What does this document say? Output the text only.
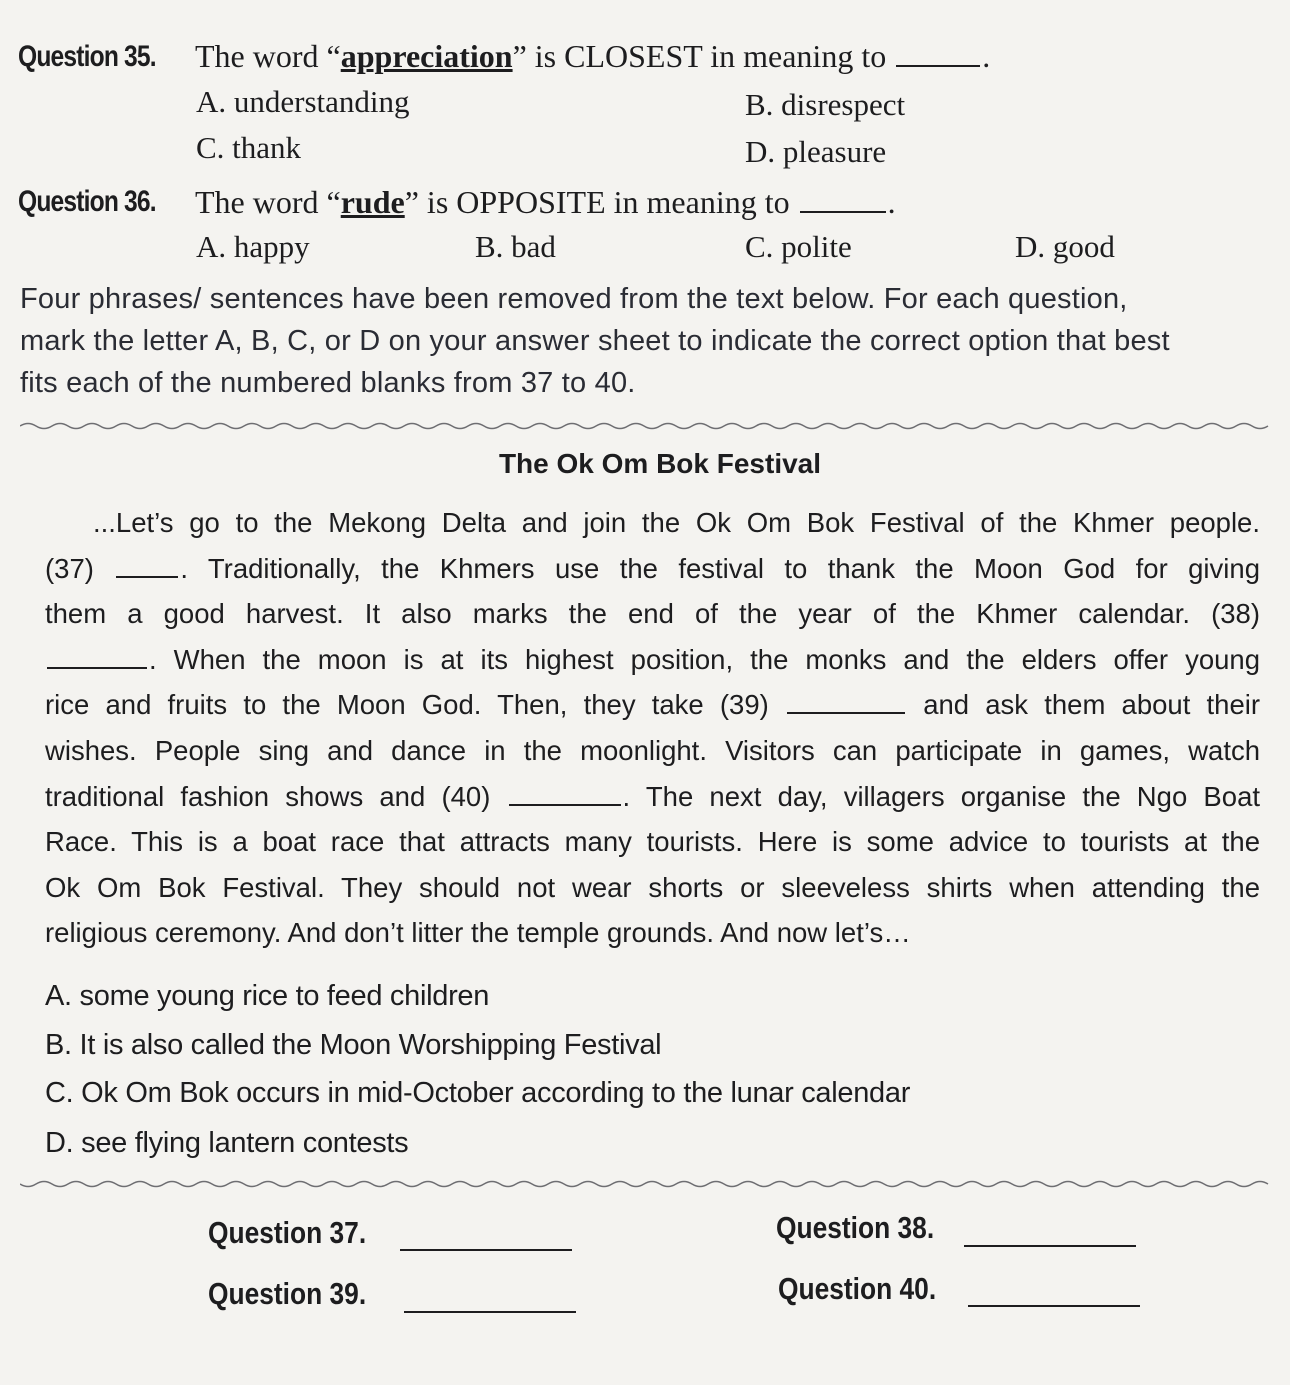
Question 35. The word “appreciation” is CLOSEST in meaning to	.
A. understanding	B. disrespect
C. thank	D. pleasure
Question 36. The word “rude” is OPPOSITE in meaning to	.
A. happy	B. bad	C. polite	D. good
Four phrases/ sentences have been removed from the text below. For each question,
mark the letter A, B, C, or D on your answer sheet to indicate the correct option that best
fits each of the numbered blanks from 37 to 40.
The Ok Om Bok Festival
...Let’s go to the Mekong Delta and join the Ok Om Bok Festival of the Khmer people.
(37)	. Traditionally, the Khmers use the festival to thank the Moon God for giving
them a good harvest. It also marks the end of the year of the Khmer calendar. (38)
. When the moon is at its highest position, the monks and the elders offer young
rice and fruits to the Moon God. Then, they take (39)	and ask them about their
wishes. People sing and dance in the moonlight. Visitors can participate in games, watch
traditional fashion shows and (40)	. The next day, villagers organise the Ngo Boat
Race. This is a boat race that attracts many tourists. Here is some advice to tourists at the
Ok Om Bok Festival. They should not wear shorts or sleeveless shirts when attending the
religious ceremony. And don’t litter the temple grounds. And now let’s…
A. some young rice to feed children
B. It is also called the Moon Worshipping Festival
C. Ok Om Bok occurs in mid-October according to the lunar calendar
D. see flying lantern contests
Question 37.	Question 38.
Question 39.	Question 40.
